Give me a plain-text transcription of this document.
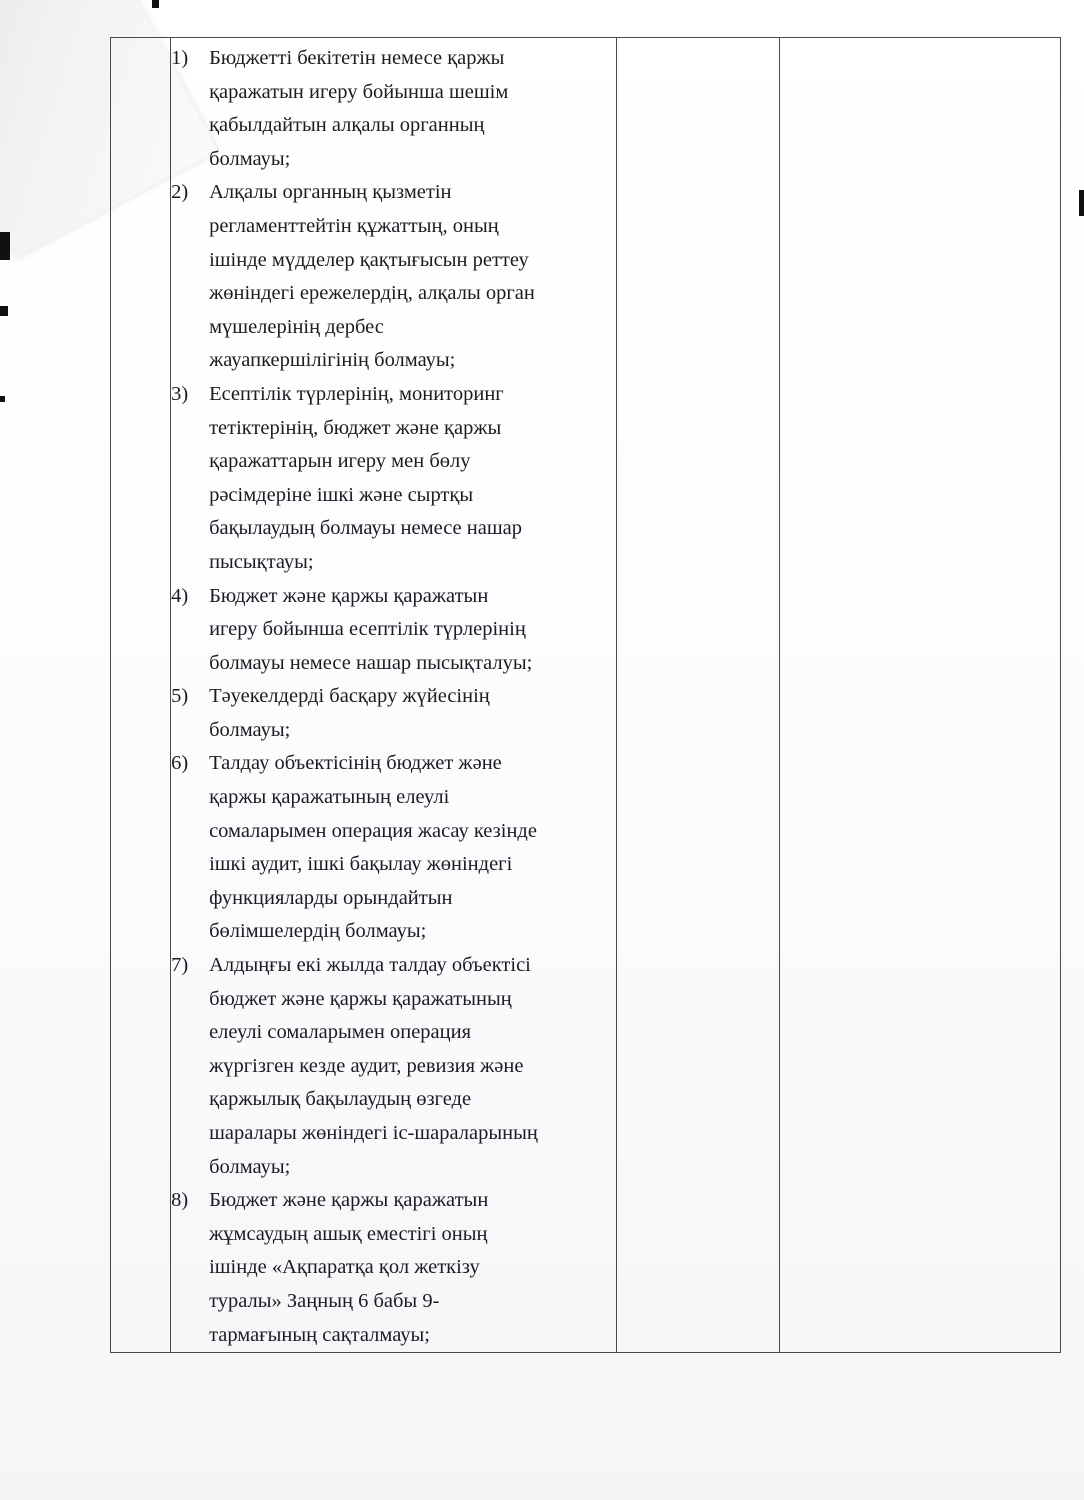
1)	Бюджетті бекітетін немесе қаржы
қаражатын игеру бойынша шешім
қабылдайтын алқалы органның
болмауы;
2)	Алқалы органның қызметін
регламенттейтін құжаттың, оның
ішінде мүдделер қақтығысын реттеу
жөніндегі ережелердің, алқалы орган
мүшелерінің дербес
жауапкершілігінің болмауы;
3)	Есептілік түрлерінің, мониторинг
тетіктерінің, бюджет және қаржы
қаражаттарын игеру мен бөлу
рәсімдеріне ішкі және сыртқы
бақылаудың болмауы немесе нашар
пысықтауы;
4)	Бюджет және қаржы қаражатын
игеру бойынша есептілік түрлерінің
болмауы немесе нашар пысықталуы;
5)	Тәуекелдерді басқару жүйесінің
болмауы;
6)	Талдау объектісінің бюджет және
қаржы қаражатының елеулі
сомаларымен операция жасау кезінде
ішкі аудит, ішкі бақылау жөніндегі
функцияларды орындайтын
бөлімшелердің болмауы;
7)	Алдыңғы екі жылда талдау объектісі
бюджет және қаржы қаражатының
елеулі сомаларымен операция
жүргізген кезде аудит, ревизия және
қаржылық бақылаудың өзгеде
шаралары жөніндегі іс-шараларының
болмауы;
8)	Бюджет және қаржы қаражатын
жұмсаудың ашық еместігі оның
ішінде «Ақпаратқа қол жеткізу
туралы» Заңның 6 бабы 9-
тармағының сақталмауы;
